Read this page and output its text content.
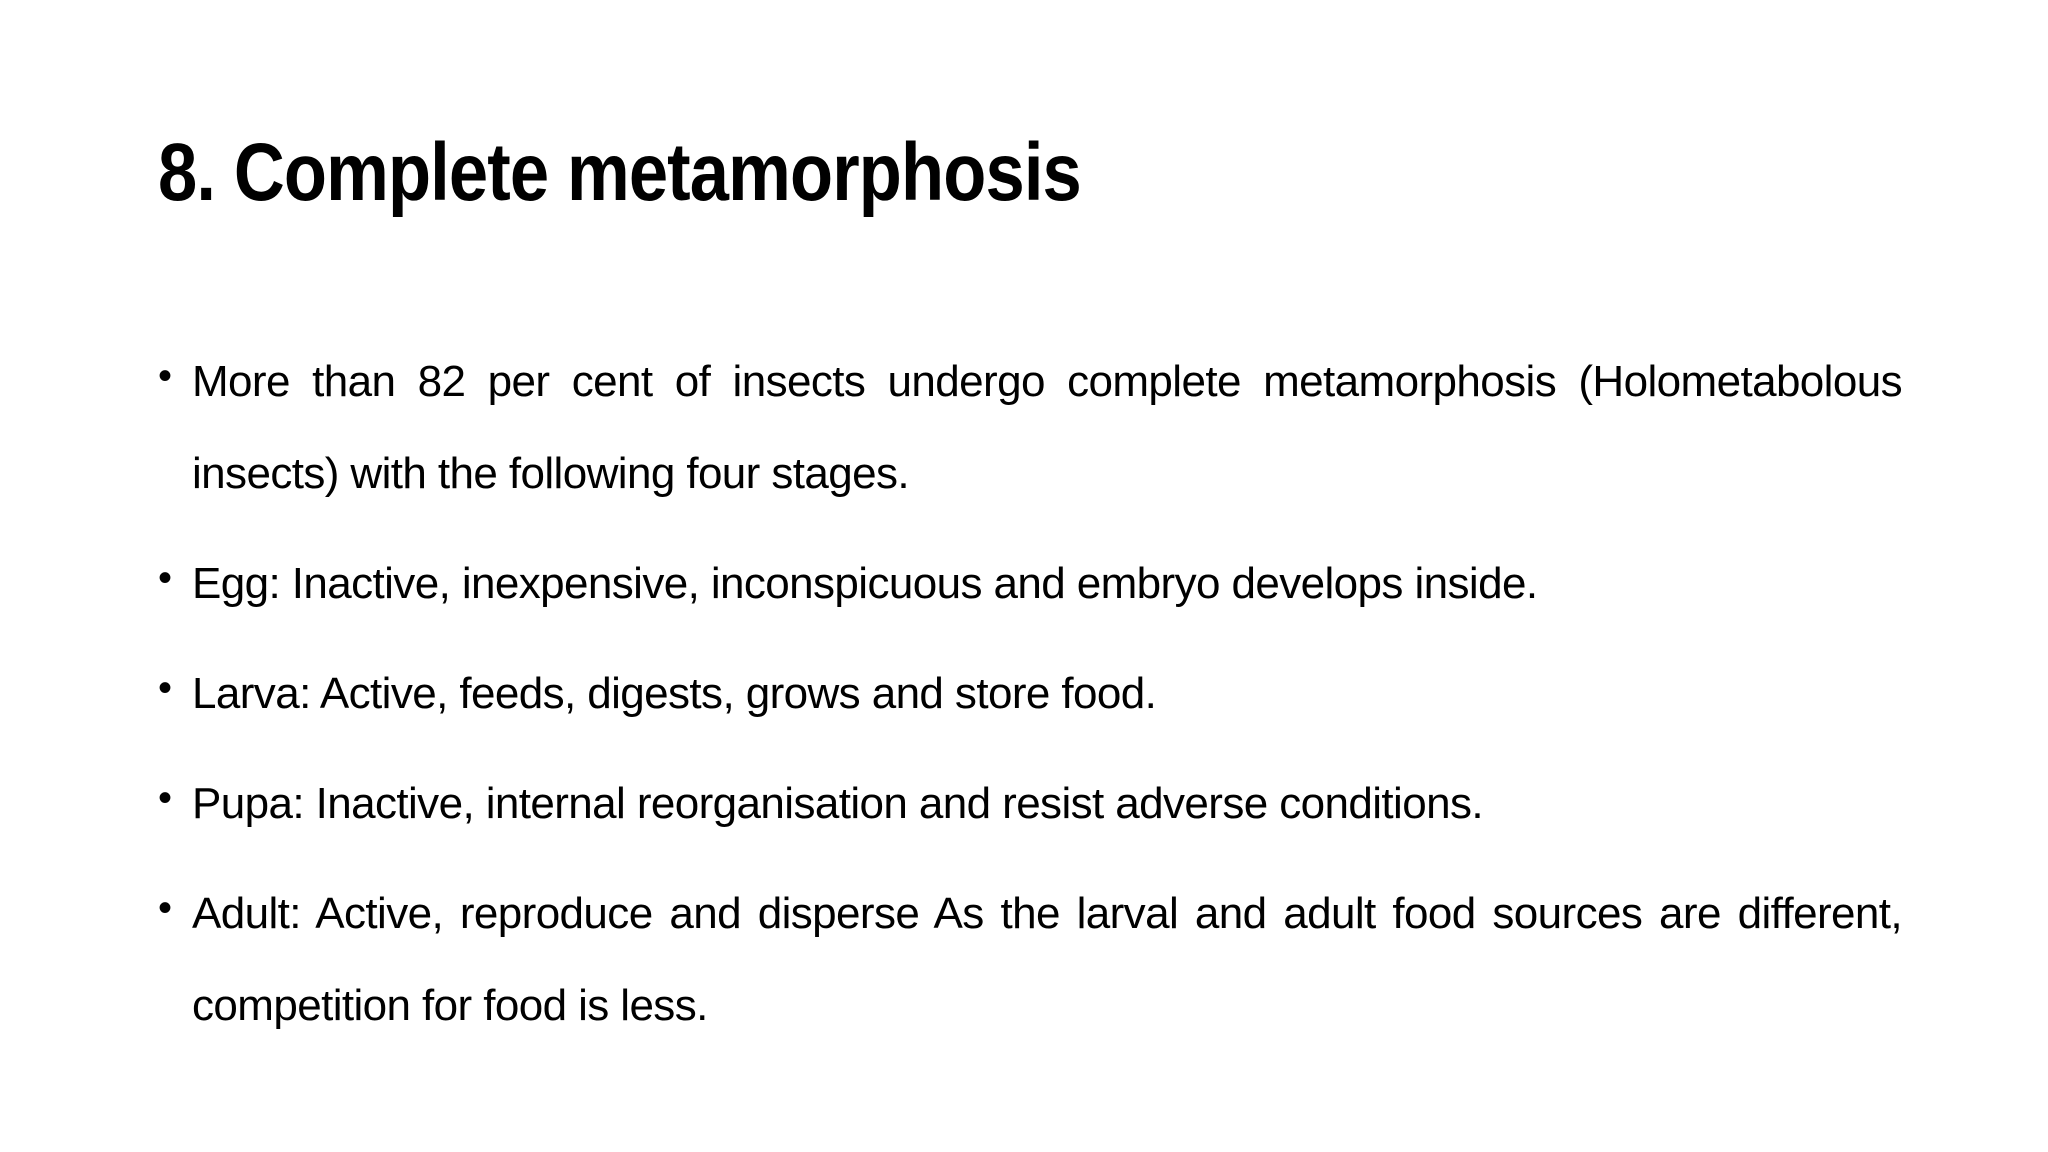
8. Complete metamorphosis
• More than 82 per cent of insects undergo complete metamorphosis (Holometabolous insects) with the following four stages.
• Egg: Inactive, inexpensive, inconspicuous and embryo develops inside.
• Larva: Active, feeds, digests, grows and store food.
• Pupa: Inactive, internal reorganisation and resist adverse conditions.
• Adult: Active, reproduce and disperse As the larval and adult food sources are different, competition for food is less.
